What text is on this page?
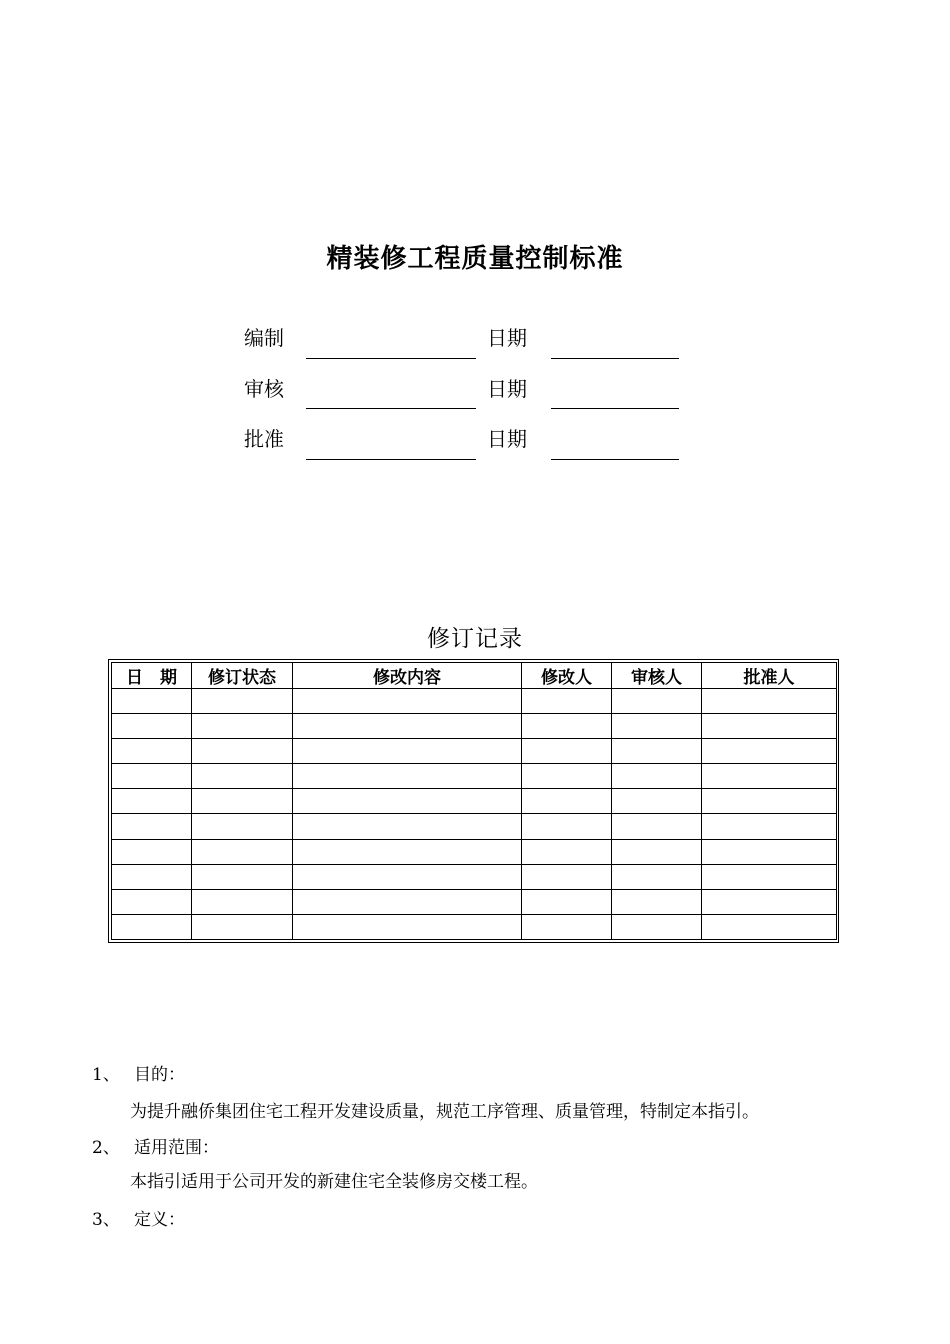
精装修工程质量控制标准
编制	日期
审核	日期
批准	日期
修订记录
日　期	修订状态	修改内容	修改人	审核人	批准人

1、 目的：
为提升融侨集团住宅工程开发建设质量，规范工序管理、质量管理，特制定本指引。
2、 适用范围：
本指引适用于公司开发的新建住宅全装修房交楼工程。
3、 定义：
